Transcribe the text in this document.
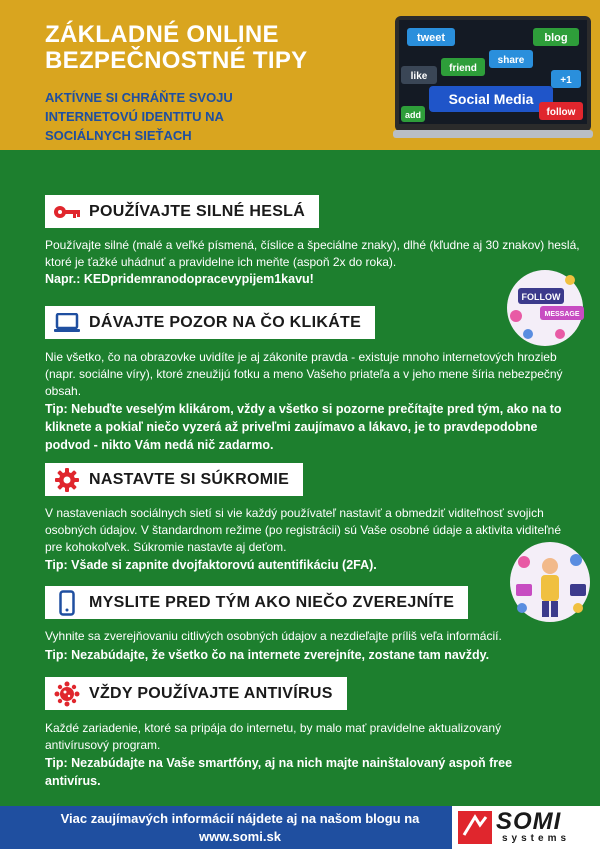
ZÁKLADNÉ ONLINE
BEZPEČNOSTNÉ TIPY
AKTÍVNE SI CHRÁŇTE SVOJU INTERNETOVÚ IDENTITU NA SOCIÁLNYCH SIEŤACH
tweet	blog
like
friend
share
Social Media
add	follow
+1
POUŽÍVAJTE SILNÉ HESLÁ
Používajte silné (malé a veľké písmená, číslice a špeciálne znaky), dlhé (kľudne aj 30 znakov) heslá, ktoré je ťažké uhádnuť a pravidelne ich meňte (aspoň 2x do roka).
Napr.: KEDpridemranodopracevypijem1kavu!
FOLLOW
MESSAGE
DÁVAJTE POZOR NA ČO KLIKÁTE
Nie všetko, čo na obrazovke uvidíte je aj zákonite pravda - existuje mnoho internetových hrozieb (napr. sociálne víry), ktoré zneužijú fotku a meno Vašeho priateľa a v jeho mene šíria nebezpečný obsah.
Tip: Nebuďte veselým klikárom, vždy a všetko si pozorne prečítajte pred tým, ako na to kliknete a pokiaľ niečo vyzerá až priveľmi zaujímavo a lákavo, je to pravdepodobne podvod - nikto Vám nedá nič zadarmo.
NASTAVTE SI SÚKROMIE
V nastaveniach sociálnych sietí si vie každý používateľ nastaviť a obmedziť viditeľnosť svojich osobných údajov. V štandardnom režime (po registrácii) sú Vaše osobné údaje a aktivita viditeľné pre kohokoľvek. Súkromie nastavte aj deťom.
Tip: Všade si zapnite dvojfaktorovú autentifikáciu (2FA).
MYSLITE PRED TÝM AKO NIEČO ZVEREJNÍTE
Vyhnite sa zverejňovaniu citlivých osobných údajov a nezdieľajte príliš veľa informácií.
Tip: Nezabúdajte, že všetko čo na internete zverejníte, zostane tam navždy.
VŽDY POUŽÍVAJTE ANTIVÍRUS
Každé zariadenie, ktoré sa pripája do internetu, by malo mať pravidelne aktualizovaný antivírusový program.
Tip: Nezabúdajte na Vaše smartfóny, aj na nich majte nainštalovaný aspoň free antivírus.
Viac zaujímavých informácií nájdete aj na našom blogu na
www.somi.sk
SOMI
systems
